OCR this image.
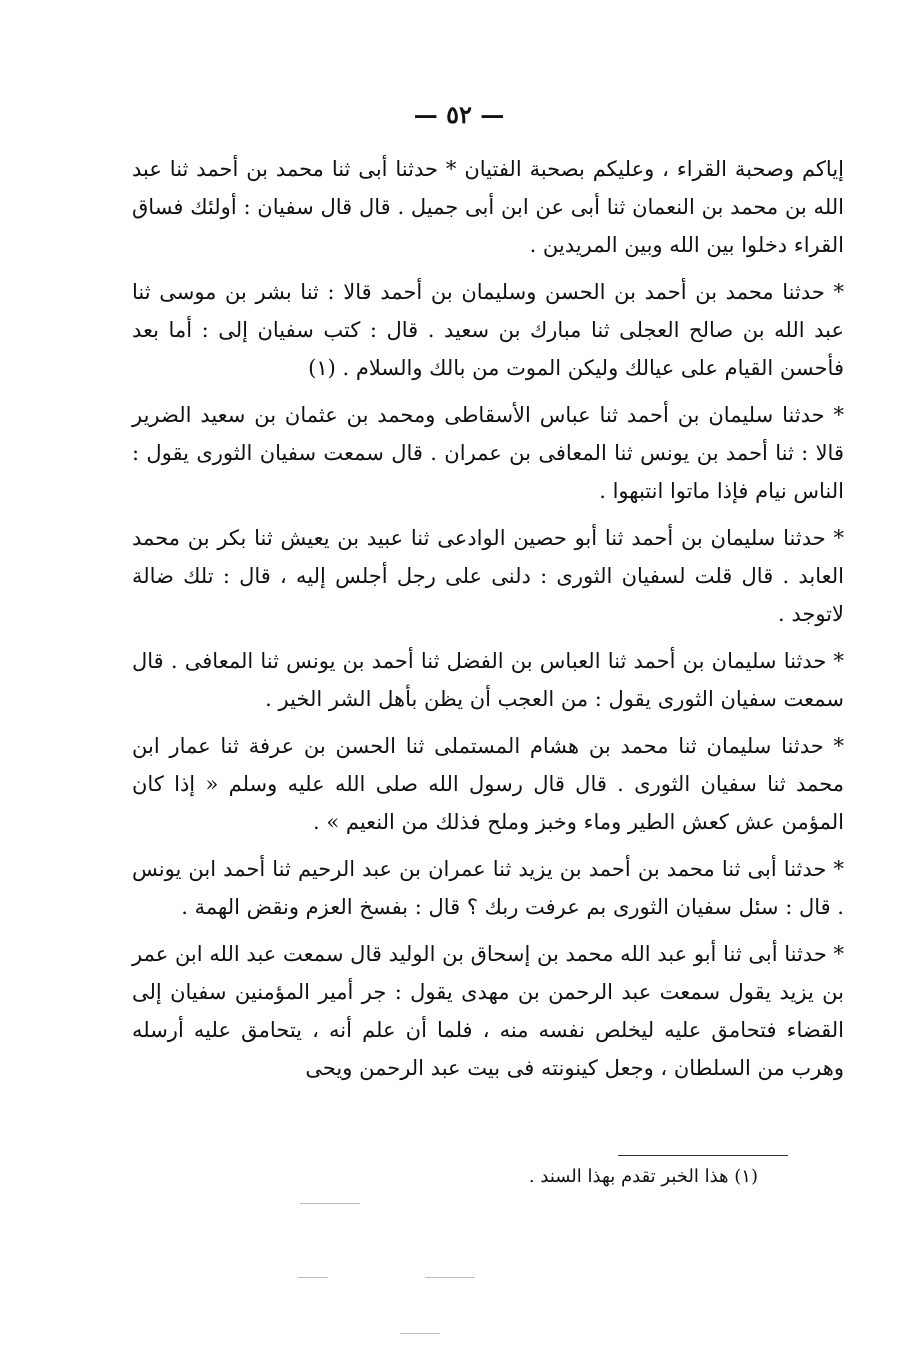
— ٥٢ —

إياكم وصحبة القراء ، وعليكم بصحبة الفتيان * حدثنا أبى ثنا محمد بن أحمد ثنا عبد الله بن محمد بن النعمان ثنا أبى عن ابن أبى جميل . قال قال سفيان : أولئك فساق القراء دخلوا بين الله وبين المريدين .

* حدثنا محمد بن أحمد بن الحسن وسليمان بن أحمد قالا : ثنا بشر بن موسى ثنا عبد الله بن صالح العجلى ثنا مبارك بن سعيد . قال : كتب سفيان إلى : أما بعد فأحسن القيام على عيالك وليكن الموت من بالك والسلام . (١)

* حدثنا سليمان بن أحمد ثنا عباس الأسقاطى ومحمد بن عثمان بن سعيد الضرير قالا : ثنا أحمد بن يونس ثنا المعافى بن عمران . قال سمعت سفيان الثورى يقول : الناس نيام فإذا ماتوا انتبهوا .

* حدثنا سليمان بن أحمد ثنا أبو حصين الوادعى ثنا عبيد بن يعيش ثنا بكر بن محمد العابد . قال قلت لسفيان الثورى : دلنى على رجل أجلس إليه ، قال : تلك ضالة لاتوجد .

* حدثنا سليمان بن أحمد ثنا العباس بن الفضل ثنا أحمد بن يونس ثنا المعافى . قال سمعت سفيان الثورى يقول : من العجب أن يظن بأهل الشر الخير .

* حدثنا سليمان ثنا محمد بن هشام المستملى ثنا الحسن بن عرفة ثنا عمار ابن محمد ثنا سفيان الثورى . قال قال رسول الله صلى الله عليه وسلم « إذا كان المؤمن عش كعش الطير وماء وخبز وملح فذلك من النعيم » .

* حدثنا أبى ثنا محمد بن أحمد بن يزيد ثنا عمران بن عبد الرحيم ثنا أحمد ابن يونس . قال : سئل سفيان الثورى بم عرفت ربك ؟ قال : بفسخ العزم ونقض الهمة .

* حدثنا أبى ثنا أبو عبد الله محمد بن إسحاق بن الوليد قال سمعت عبد الله ابن عمر بن يزيد يقول سمعت عبد الرحمن بن مهدى يقول : جر أمير المؤمنين سفيان إلى القضاء فتحامق عليه ليخلص نفسه منه ، فلما أن علم أنه ، يتحامق عليه أرسله وهرب من السلطان ، وجعل كينونته فى بيت عبد الرحمن ويحى

(١) هذا الخبر تقدم بهذا السند .
